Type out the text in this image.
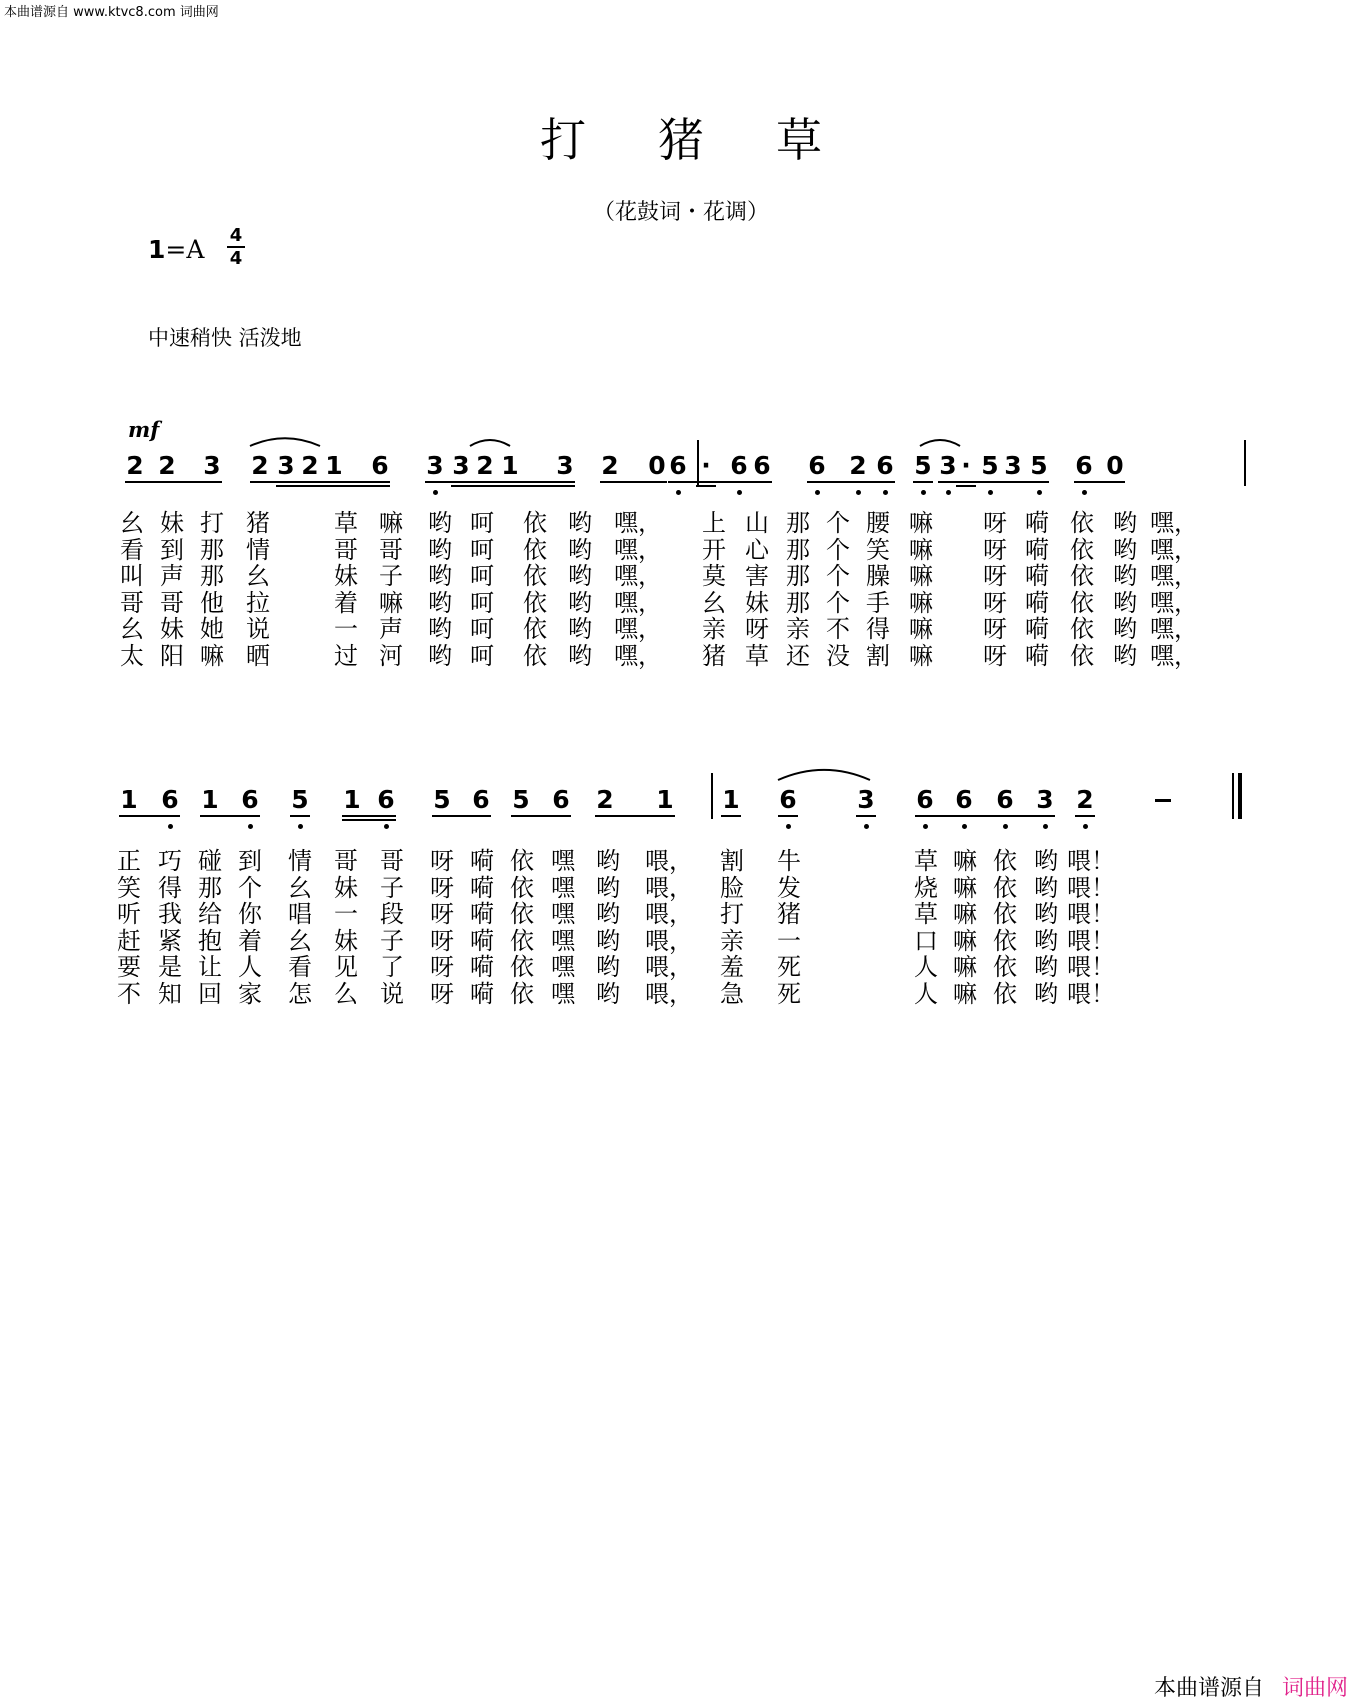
本曲谱源自 www.ktvc8.com 词曲网
打猪草
（花鼓词・花调）
1=A	4
4
中速稍快 活泼地
mf
2 2 3 2 3 2 1 6 3 3 2 1 3 2 0 6 · 6 6 6 2 6 5 3 · 5 3 5 6 0
幺 妹 打 猪	草 嘛 哟 呵 依 哟 嘿， 上 山 那 个 腰 嘛 呀 嗬 依 哟 嘿，
看 到 那 情	哥 哥 哟 呵 依 哟 嘿， 开 心 那 个 笑 嘛 呀 嗬 依 哟 嘿，
叫 声 那 幺	妹 子 哟 呵 依 哟 嘿， 莫 害 那 个 臊 嘛 呀 嗬 依 哟 嘿，
哥 哥 他 拉	着 嘛 哟 呵 依 哟 嘿， 幺 妹 那 个 手 嘛 呀 嗬 依 哟 嘿，
幺 妹 她 说	一 声 哟 呵 依 哟 嘿， 亲 呀 亲 不 得 嘛 呀 嗬 依 哟 嘿，
太 阳 嘛 晒	过 河 哟 呵 依 哟 嘿， 猪 草 还 没 割 嘛 呀 嗬 依 哟 嘿，
1 6 1 6 5 1 6 5 6 5 6 2 1 1 6 3 6 6 6 3 2
正 巧 碰 到 情 哥 哥 呀 嗬 依 嘿 哟 喂， 割 牛	草 嘛 依 哟 喂！
笑 得 那 个 幺 妹 子 呀 嗬 依 嘿 哟 喂， 脸 发	烧 嘛 依 哟 喂！
听 我 给 你 唱 一 段 呀 嗬 依 嘿 哟 喂， 打 猪	草 嘛 依 哟 喂！
赶 紧 抱 着 幺 妹 子 呀 嗬 依 嘿 哟 喂， 亲 一	口 嘛 依 哟 喂！
要 是 让 人 看 见 了 呀 嗬 依 嘿 哟 喂， 羞 死	人 嘛 依 哟 喂！
不 知 回 家 怎 么 说 呀 嗬 依 嘿 哟 喂， 急 死	人 嘛 依 哟 喂！
本曲谱源自 词曲网
